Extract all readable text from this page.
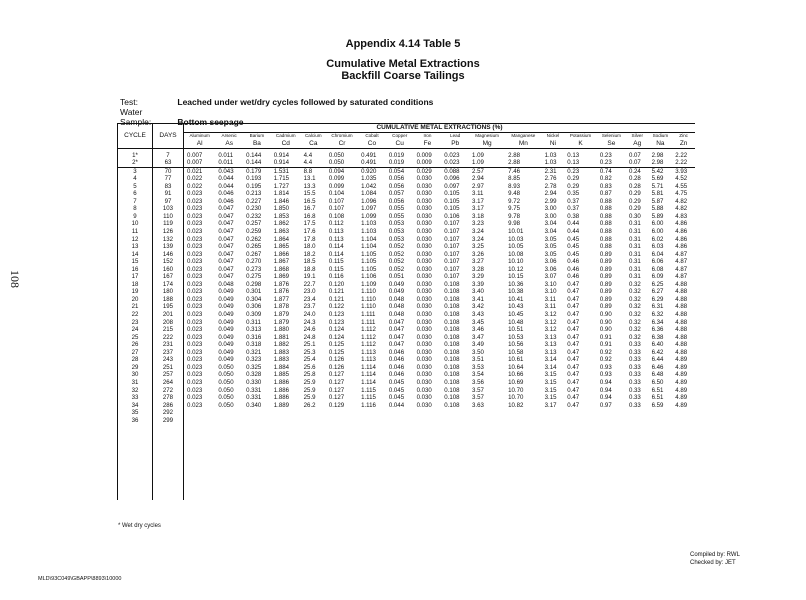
Appendix 4.14 Table 5
Cumulative Metal Extractions
Backfill Coarse Tailings
Test:	Leached under wet/dry cycles followed by saturated conditions
Water Sample:	Bottom seepage
108
CYCLE	DAYS	CUMULATIVE METAL EXTRACTIONS (%)																	
		Aluminum	Arsenic	Barium	Cadmium	Calcium	Chromium	Cobalt	Copper	Iron	Lead	Magnesium	Manganese	Nickel	Potassium	Selenium	Silver	Sodium	Zinc
		Al	As	Ba	Cd	Ca	Cr	Co	Cu	Fe	Pb	Mg	Mn	Ni	K	Se	Ag	Na	Zn
1*	7	0.007	0.011	0.144	0.914	4.4	0.050	0.491	0.019	0.009	0.023	1.09	2.88	1.03	0.13	0.23	0.07	2.98	2.22
2*	63	0.007	0.011	0.144	0.914	4.4	0.050	0.491	0.019	0.009	0.023	1.09	2.88	1.03	0.13	0.23	0.07	2.98	2.22
3	70	0.021	0.043	0.179	1.531	8.8	0.094	0.920	0.054	0.029	0.088	2.57	7.46	2.31	0.23	0.74	0.24	5.42	3.93
4	77	0.022	0.044	0.193	1.715	13.1	0.099	1.035	0.056	0.030	0.096	2.94	8.85	2.76	0.29	0.82	0.28	5.69	4.52
5	83	0.022	0.044	0.195	1.727	13.3	0.099	1.042	0.056	0.030	0.097	2.97	8.93	2.78	0.29	0.83	0.28	5.71	4.55
6	91	0.023	0.046	0.213	1.814	15.5	0.104	1.084	0.057	0.030	0.105	3.11	9.48	2.94	0.35	0.87	0.29	5.81	4.75
7	97	0.023	0.046	0.227	1.846	16.5	0.107	1.096	0.056	0.030	0.105	3.17	9.72	2.99	0.37	0.88	0.29	5.87	4.82
8	103	0.023	0.047	0.230	1.850	16.7	0.107	1.097	0.055	0.030	0.105	3.17	9.75	3.00	0.37	0.88	0.29	5.88	4.82
9	110	0.023	0.047	0.232	1.853	16.8	0.108	1.099	0.055	0.030	0.106	3.18	9.78	3.00	0.38	0.88	0.30	5.89	4.83
10	119	0.023	0.047	0.257	1.862	17.5	0.112	1.103	0.053	0.030	0.107	3.23	9.98	3.04	0.44	0.88	0.31	6.00	4.86
11	126	0.023	0.047	0.259	1.863	17.6	0.113	1.103	0.053	0.030	0.107	3.24	10.01	3.04	0.44	0.88	0.31	6.00	4.86
12	132	0.023	0.047	0.262	1.864	17.8	0.113	1.104	0.053	0.030	0.107	3.24	10.03	3.05	0.45	0.88	0.31	6.02	4.86
13	139	0.023	0.047	0.265	1.865	18.0	0.114	1.104	0.052	0.030	0.107	3.25	10.05	3.05	0.45	0.88	0.31	6.03	4.86
14	146	0.023	0.047	0.267	1.866	18.2	0.114	1.105	0.052	0.030	0.107	3.26	10.08	3.05	0.45	0.89	0.31	6.04	4.87
15	152	0.023	0.047	0.270	1.867	18.5	0.115	1.105	0.052	0.030	0.107	3.27	10.10	3.06	0.46	0.89	0.31	6.06	4.87
16	160	0.023	0.047	0.273	1.868	18.8	0.115	1.105	0.052	0.030	0.107	3.28	10.12	3.06	0.46	0.89	0.31	6.08	4.87
17	167	0.023	0.047	0.275	1.869	19.1	0.116	1.106	0.051	0.030	0.107	3.29	10.15	3.07	0.46	0.89	0.31	6.09	4.87
18	174	0.023	0.048	0.298	1.876	22.7	0.120	1.109	0.049	0.030	0.108	3.39	10.36	3.10	0.47	0.89	0.32	6.25	4.88
19	180	0.023	0.049	0.301	1.876	23.0	0.121	1.110	0.049	0.030	0.108	3.40	10.38	3.10	0.47	0.89	0.32	6.27	4.88
20	188	0.023	0.049	0.304	1.877	23.4	0.121	1.110	0.048	0.030	0.108	3.41	10.41	3.11	0.47	0.89	0.32	6.29	4.88
21	195	0.023	0.049	0.306	1.878	23.7	0.122	1.110	0.048	0.030	0.108	3.42	10.43	3.11	0.47	0.89	0.32	6.31	4.88
22	201	0.023	0.049	0.309	1.879	24.0	0.123	1.111	0.048	0.030	0.108	3.43	10.45	3.12	0.47	0.90	0.32	6.32	4.88
23	208	0.023	0.049	0.311	1.879	24.3	0.123	1.111	0.047	0.030	0.108	3.45	10.48	3.12	0.47	0.90	0.32	6.34	4.88
24	215	0.023	0.049	0.313	1.880	24.6	0.124	1.112	0.047	0.030	0.108	3.46	10.51	3.12	0.47	0.90	0.32	6.36	4.88
25	222	0.023	0.049	0.316	1.881	24.8	0.124	1.112	0.047	0.030	0.108	3.47	10.53	3.13	0.47	0.91	0.32	6.38	4.88
26	231	0.023	0.049	0.318	1.882	25.1	0.125	1.112	0.047	0.030	0.108	3.49	10.56	3.13	0.47	0.91	0.33	6.40	4.88
27	237	0.023	0.049	0.321	1.883	25.3	0.125	1.113	0.046	0.030	0.108	3.50	10.58	3.13	0.47	0.92	0.33	6.42	4.88
28	243	0.023	0.049	0.323	1.883	25.4	0.126	1.113	0.046	0.030	0.108	3.51	10.61	3.14	0.47	0.92	0.33	6.44	4.89
29	251	0.023	0.050	0.325	1.884	25.6	0.126	1.114	0.046	0.030	0.108	3.53	10.64	3.14	0.47	0.93	0.33	6.46	4.89
30	257	0.023	0.050	0.328	1.885	25.8	0.127	1.114	0.046	0.030	0.108	3.54	10.66	3.15	0.47	0.93	0.33	6.48	4.89
31	264	0.023	0.050	0.330	1.886	25.9	0.127	1.114	0.045	0.030	0.108	3.56	10.69	3.15	0.47	0.94	0.33	6.50	4.89
32	272	0.023	0.050	0.331	1.886	25.9	0.127	1.115	0.045	0.030	0.108	3.57	10.70	3.15	0.47	0.94	0.33	6.51	4.89
33	278	0.023	0.050	0.331	1.886	25.9	0.127	1.115	0.045	0.030	0.108	3.57	10.70	3.15	0.47	0.94	0.33	6.51	4.89
34	286	0.023	0.050	0.340	1.889	26.2	0.129	1.116	0.044	0.030	0.108	3.63	10.82	3.17	0.47	0.97	0.33	6.59	4.89
35	292																		
36	299																		

* Wet dry cycles
Compiled by: RWL
Checked by: JET
MLD\93C049\GBAPP\8893\10000
